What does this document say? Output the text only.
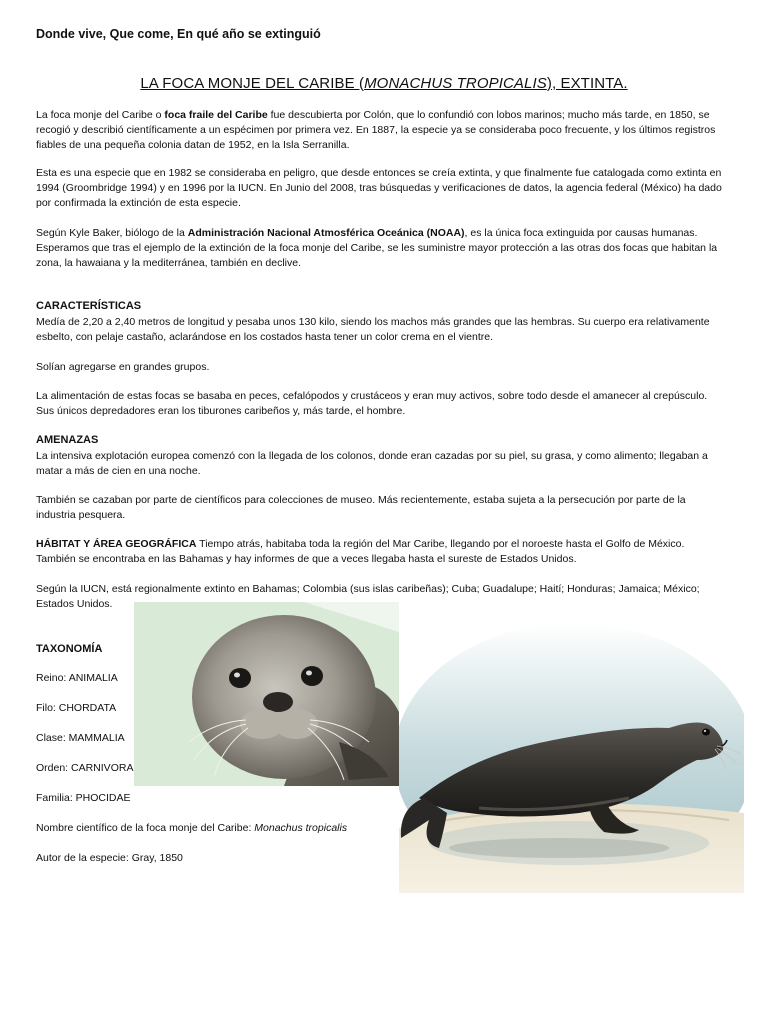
Donde vive, Que come, En qué año se extinguió

LA FOCA MONJE DEL CARIBE (MONACHUS TROPICALIS), EXTINTA.

La foca monje del Caribe o foca fraile del Caribe fue descubierta por Colón, que lo confundió con lobos marinos; mucho más tarde, en 1850, se recogió y describió científicamente a un espécimen por primera vez. En 1887, la especie ya se consideraba poco frecuente, y los últimos registros fiables de una pequeña colonia datan de 1952, en la Isla Serranilla.

Esta es una especie que en 1982 se consideraba en peligro, que desde entonces se creía extinta, y que finalmente fue catalogada como extinta en 1994 (Groombridge 1994) y en 1996 por la IUCN. En Junio del 2008, tras búsquedas y verificaciones de datos, la agencia federal (México) ha dado por confirmada la extinción de esta especie.

Según Kyle Baker, biólogo de la Administración Nacional Atmosférica Oceánica (NOAA), es la única foca extinguida por causas humanas. Esperamos que tras el ejemplo de la extinción de la foca monje del Caribe, se les suministre mayor protección a las otras dos focas que habitan la zona, la hawaiana y la mediterránea, también en declive.

CARACTERÍSTICAS

Medía de 2,20 a 2,40 metros de longitud y pesaba unos 130 kilo, siendo los machos más grandes que las hembras. Su cuerpo era relativamente esbelto, con pelaje castaño, aclarándose en los costados hasta tener un color crema en el vientre.

Solían agregarse en grandes grupos.

La alimentación de estas focas se basaba en peces, cefalópodos y crustáceos y eran muy activos, sobre todo desde el amanecer al crepúsculo. Sus únicos depredadores eran los tiburones caribeños y, más tarde, el hombre.

AMENAZAS

La intensiva explotación europea comenzó con la llegada de los colonos, donde eran cazadas por su piel, su grasa, y como alimento; llegaban a matar a más de cien en una noche.

También se cazaban por parte de científicos para colecciones de museo. Más recientemente, estaba sujeta a la persecución por parte de la industria pesquera.

HÁBITAT Y ÁREA GEOGRÁFICA Tiempo atrás, habitaba toda la región del Mar Caribe, llegando por el noroeste hasta el Golfo de México. También se encontraba en las Bahamas y hay informes de que a veces llegaba hasta el sureste de Estados Unidos.

Según la IUCN, está regionalmente extinto en Bahamas; Colombia (sus islas caribeñas); Cuba; Guadalupe; Haití; Honduras; Jamaica; México; Estados Unidos.

TAXONOMÍA

Reino: ANIMALIA

Filo: CHORDATA

Clase: MAMMALIA

Orden: CARNIVORA

Familia: PHOCIDAE

Nombre científico de la foca monje del Caribe: Monachus tropicalis

Autor de la especie: Gray, 1850
